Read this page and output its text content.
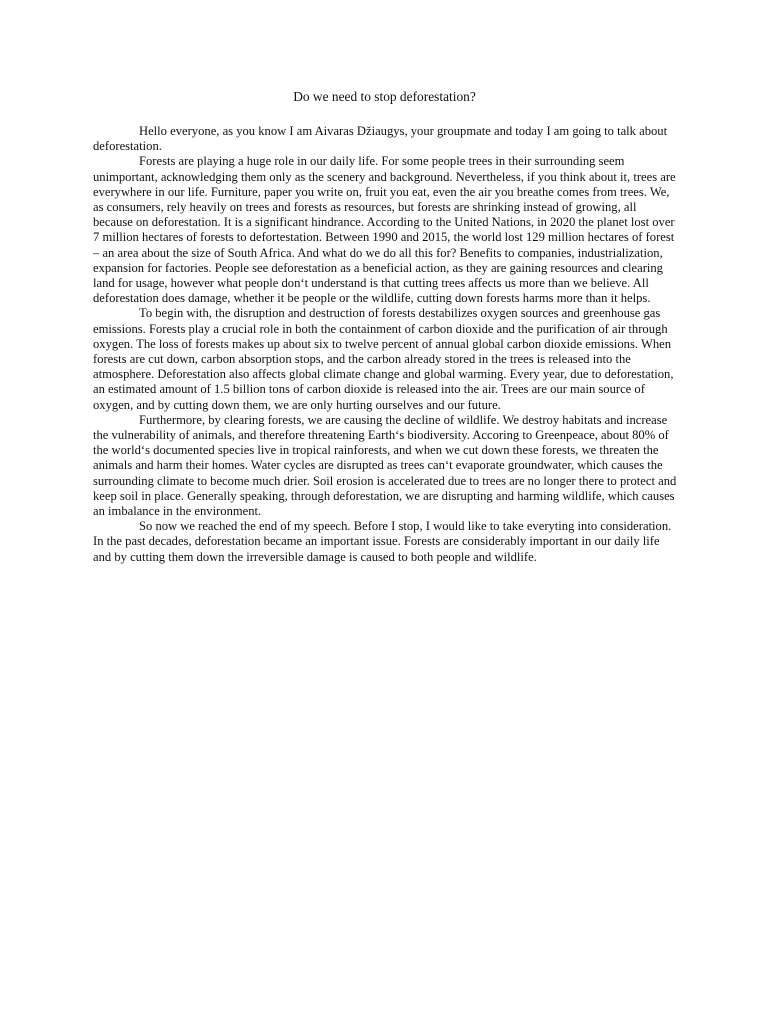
Do we need to stop deforestation?

Hello everyone, as you know I am Aivaras Džiaugys, your groupmate and today I am going to talk about deforestation.

Forests are playing a huge role in our daily life. For some people trees in their surrounding seem unimportant, acknowledging them only as the scenery and background. Nevertheless, if you think about it, trees are everywhere in our life. Furniture, paper you write on, fruit you eat, even the air you breathe comes from trees. We, as consumers, rely heavily on trees and forests as resources, but forests are shrinking instead of growing, all because on deforestation. It is a significant hindrance. According to the United Nations, in 2020 the planet lost over 7 million hectares of forests to defortestation. Between 1990 and 2015, the world lost 129 million hectares of forest – an area about the size of South Africa. And what do we do all this for? Benefits to companies, industrialization, expansion for factories. People see deforestation as a beneficial action, as they are gaining resources and clearing land for usage, however what people don‘t understand is that cutting trees affects us more than we believe. All deforestation does damage, whether it be people or the wildlife, cutting down forests harms more than it helps.

To begin with, the disruption and destruction of forests destabilizes oxygen sources and greenhouse gas emissions. Forests play a crucial role in both the containment of carbon dioxide and the purification of air through oxygen. The loss of forests makes up about six to twelve percent of annual global carbon dioxide emissions. When forests are cut down, carbon absorption stops, and the carbon already stored in the trees is released into the atmosphere. Deforestation also affects global climate change and global warming. Every year, due to deforestation, an estimated amount of 1.5 billion tons of carbon dioxide is released into the air. Trees are our main source of oxygen, and by cutting down them, we are only hurting ourselves and our future.

Furthermore, by clearing forests, we are causing the decline of wildlife. We destroy habitats and increase the vulnerability of animals, and therefore threatening Earth‘s biodiversity. Accoring to Greenpeace, about 80% of the world‘s documented species live in tropical rainforests, and when we cut down these forests, we threaten the animals and harm their homes. Water cycles are disrupted as trees can‘t evaporate groundwater, which causes the surrounding climate to become much drier. Soil erosion is accelerated due to trees are no longer there to protect and keep soil in place. Generally speaking, through deforestation, we are disrupting and harming wildlife, which causes an imbalance in the environment.

So now we reached the end of my speech. Before I stop, I would like to take everyting into consideration. In the past decades, deforestation became an important issue. Forests are considerably important in our daily life and by cutting them down the irreversible damage is caused to both people and wildlife.
